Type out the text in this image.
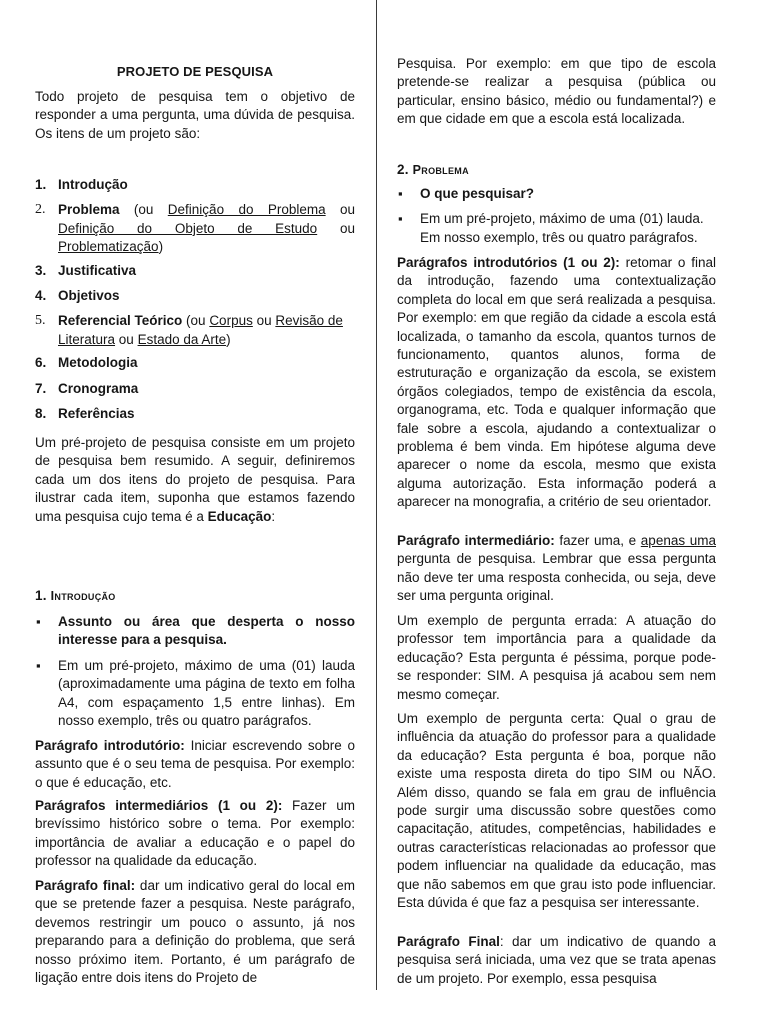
PROJETO DE PESQUISA

Todo projeto de pesquisa tem o objetivo de responder a uma pergunta, uma dúvida de pesquisa. Os itens de um projeto são:

1. Introdução
2. Problema (ou Definição do Problema ou Definição do Objeto de Estudo ou Problematização)
3. Justificativa
4. Objetivos
5. Referencial Teórico (ou Corpus ou Revisão de Literatura ou Estado da Arte)
6. Metodologia
7. Cronograma
8. Referências

Um pré-projeto de pesquisa consiste em um projeto de pesquisa bem resumido. A seguir, definiremos cada um dos itens do projeto de pesquisa. Para ilustrar cada item, suponha que estamos fazendo uma pesquisa cujo tema é a Educação:

1. Introdução
▪ Assunto ou área que desperta o nosso interesse para a pesquisa.
▪ Em um pré-projeto, máximo de uma (01) lauda (aproximadamente uma página de texto em folha A4, com espaçamento 1,5 entre linhas). Em nosso exemplo, três ou quatro parágrafos.

Parágrafo introdutório: Iniciar escrevendo sobre o assunto que é o seu tema de pesquisa. Por exemplo: o que é educação, etc.

Parágrafos intermediários (1 ou 2): Fazer um brevíssimo histórico sobre o tema. Por exemplo: importância de avaliar a educação e o papel do professor na qualidade da educação.

Parágrafo final: dar um indicativo geral do local em que se pretende fazer a pesquisa. Neste parágrafo, devemos restringir um pouco o assunto, já nos preparando para a definição do problema, que será nosso próximo item. Portanto, é um parágrafo de ligação entre dois itens do Projeto de

Pesquisa. Por exemplo: em que tipo de escola pretende-se realizar a pesquisa (pública ou particular, ensino básico, médio ou fundamental?) e em que cidade em que a escola está localizada.

2. Problema
▪ O que pesquisar?
▪ Em um pré-projeto, máximo de uma (01) lauda. Em nosso exemplo, três ou quatro parágrafos.

Parágrafos introdutórios (1 ou 2): retomar o final da introdução, fazendo uma contextualização completa do local em que será realizada a pesquisa. Por exemplo: em que região da cidade a escola está localizada, o tamanho da escola, quantos turnos de funcionamento, quantos alunos, forma de estruturação e organização da escola, se existem órgãos colegiados, tempo de existência da escola, organograma, etc. Toda e qualquer informação que fale sobre a escola, ajudando a contextualizar o problema é bem vinda. Em hipótese alguma deve aparecer o nome da escola, mesmo que exista alguma autorização. Esta informação poderá a aparecer na monografia, a critério de seu orientador.

Parágrafo intermediário: fazer uma, e apenas uma pergunta de pesquisa. Lembrar que essa pergunta não deve ter uma resposta conhecida, ou seja, deve ser uma pergunta original.

Um exemplo de pergunta errada: A atuação do professor tem importância para a qualidade da educação? Esta pergunta é péssima, porque pode-se responder: SIM. A pesquisa já acabou sem nem mesmo começar.

Um exemplo de pergunta certa: Qual o grau de influência da atuação do professor para a qualidade da educação? Esta pergunta é boa, porque não existe uma resposta direta do tipo SIM ou NÃO. Além disso, quando se fala em grau de influência pode surgir uma discussão sobre questões como capacitação, atitudes, competências, habilidades e outras características relacionadas ao professor que podem influenciar na qualidade da educação, mas que não sabemos em que grau isto pode influenciar. Esta dúvida é que faz a pesquisa ser interessante.

Parágrafo Final: dar um indicativo de quando a pesquisa será iniciada, uma vez que se trata apenas de um projeto. Por exemplo, essa pesquisa
